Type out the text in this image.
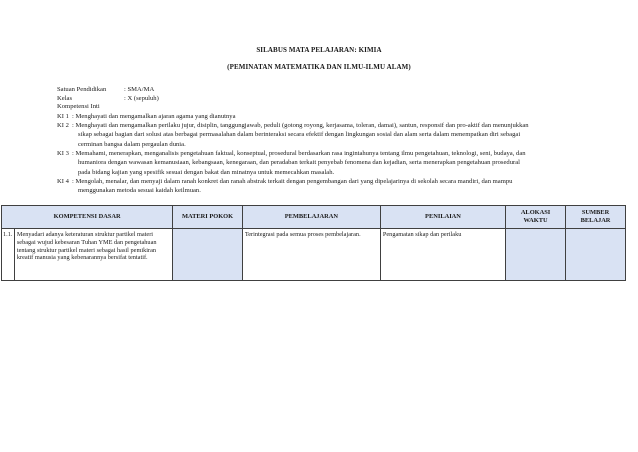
SILABUS MATA PELAJARAN: KIMIA
(PEMINATAN MATEMATIKA DAN ILMU-ILMU ALAM)
Satuan Pendidikan	: SMA/MA
Kelas	: X (sepuluh)
Kompetensi Inti
KI 1 : Menghayati dan mengamalkan ajaran agama yang dianutnya
KI 2 : Menghayati dan mengamalkan perilaku jujur, disiplin, tanggungjawab, peduli (gotong royong, kerjasama, toleran, damai), santun, responsif dan pro-aktif dan menunjukkan
sikap sebagai bagian dari solusi atas berbagai permasalahan dalam berinteraksi secara efektif dengan lingkungan sosial dan alam serta dalam menempatkan diri sebagai
cerminan bangsa dalam pergaulan dunia.
KI 3 : Memahami, menerapkan, menganalisis pengetahuan faktual, konseptual, prosedural berdasarkan rasa ingintahunya tentang ilmu pengetahuan, teknologi, seni, budaya, dan
humaniora dengan wawasan kemanusiaan, kebangsaan, kenegaraan, dan peradaban terkait penyebab fenomena dan kejadian, serta menerapkan pengetahuan prosedural
pada bidang kajian yang spesifik sesuai dengan bakat dan minatnya untuk memecahkan masalah.
KI 4 : Mengolah, menalar, dan menyaji dalam ranah konkret dan ranah abstrak terkait dengan pengembangan dari yang dipelajarinya di sekolah secara mandiri, dan mampu
menggunakan metoda sesuai kaidah keilmuan.
KOMPETENSI DASAR		MATERI POKOK	PEMBELAJARAN	PENILAIAN	ALOKASI WAKTU	SUMBER BELAJAR
1.1.	Menyadari adanya keteraturan struktur partikel materi sebagai wujud kebesaran Tuhan YME dan pengetahuan tentang struktur partikel materi sebagai hasil pemikiran kreatif manusia yang kebenarannya bersifat tentatif.		Terintegrasi pada semua proses pembelajaran.	Pengamatan sikap dan perilaku		
